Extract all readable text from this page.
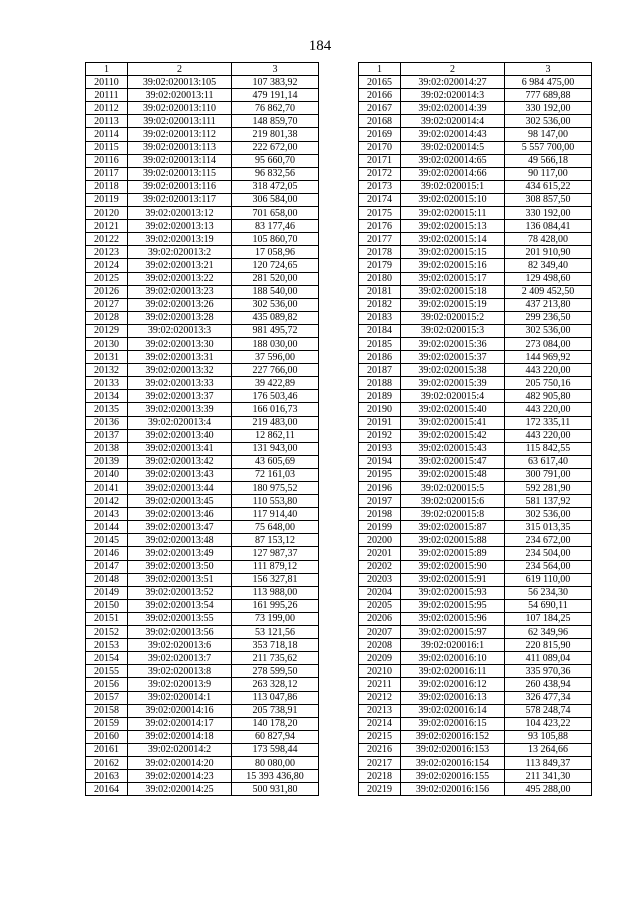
184
1	2	3
20110	39:02:020013:105	107 383,92
20111	39:02:020013:11	479 191,14
20112	39:02:020013:110	76 862,70
20113	39:02:020013:111	148 859,70
20114	39:02:020013:112	219 801,38
20115	39:02:020013:113	222 672,00
20116	39:02:020013:114	95 660,70
20117	39:02:020013:115	96 832,56
20118	39:02:020013:116	318 472,05
20119	39:02:020013:117	306 584,00
20120	39:02:020013:12	701 658,00
20121	39:02:020013:13	83 177,46
20122	39:02:020013:19	105 860,70
20123	39:02:020013:2	17 058,96
20124	39:02:020013:21	120 724,65
20125	39:02:020013:22	281 520,00
20126	39:02:020013:23	188 540,00
20127	39:02:020013:26	302 536,00
20128	39:02:020013:28	435 089,82
20129	39:02:020013:3	981 495,72
20130	39:02:020013:30	188 030,00
20131	39:02:020013:31	37 596,00
20132	39:02:020013:32	227 766,00
20133	39:02:020013:33	39 422,89
20134	39:02:020013:37	176 503,46
20135	39:02:020013:39	166 016,73
20136	39:02:020013:4	219 483,00
20137	39:02:020013:40	12 862,11
20138	39:02:020013:41	131 943,00
20139	39:02:020013:42	43 605,69
20140	39:02:020013:43	72 161,03
20141	39:02:020013:44	180 975,52
20142	39:02:020013:45	110 553,80
20143	39:02:020013:46	117 914,40
20144	39:02:020013:47	75 648,00
20145	39:02:020013:48	87 153,12
20146	39:02:020013:49	127 987,37
20147	39:02:020013:50	111 879,12
20148	39:02:020013:51	156 327,81
20149	39:02:020013:52	113 988,00
20150	39:02:020013:54	161 995,26
20151	39:02:020013:55	73 199,00
20152	39:02:020013:56	53 121,56
20153	39:02:020013:6	353 718,18
20154	39:02:020013:7	211 735,62
20155	39:02:020013:8	278 599,50
20156	39:02:020013:9	263 328,12
20157	39:02:020014:1	113 047,86
20158	39:02:020014:16	205 738,91
20159	39:02:020014:17	140 178,20
20160	39:02:020014:18	60 827,94
20161	39:02:020014:2	173 598,44
20162	39:02:020014:20	80 080,00
20163	39:02:020014:23	15 393 436,80
20164	39:02:020014:25	500 931,80
1	2	3
20165	39:02:020014:27	6 984 475,00
20166	39:02:020014:3	777 689,88
20167	39:02:020014:39	330 192,00
20168	39:02:020014:4	302 536,00
20169	39:02:020014:43	98 147,00
20170	39:02:020014:5	5 557 700,00
20171	39:02:020014:65	49 566,18
20172	39:02:020014:66	90 117,00
20173	39:02:020015:1	434 615,22
20174	39:02:020015:10	308 857,50
20175	39:02:020015:11	330 192,00
20176	39:02:020015:13	136 084,41
20177	39:02:020015:14	78 428,00
20178	39:02:020015:15	201 910,90
20179	39:02:020015:16	82 349,40
20180	39:02:020015:17	129 498,60
20181	39:02:020015:18	2 409 452,50
20182	39:02:020015:19	437 213,80
20183	39:02:020015:2	299 236,50
20184	39:02:020015:3	302 536,00
20185	39:02:020015:36	273 084,00
20186	39:02:020015:37	144 969,92
20187	39:02:020015:38	443 220,00
20188	39:02:020015:39	205 750,16
20189	39:02:020015:4	482 905,80
20190	39:02:020015:40	443 220,00
20191	39:02:020015:41	172 335,11
20192	39:02:020015:42	443 220,00
20193	39:02:020015:43	115 842,55
20194	39:02:020015:47	63 617,40
20195	39:02:020015:48	300 791,00
20196	39:02:020015:5	592 281,90
20197	39:02:020015:6	581 137,92
20198	39:02:020015:8	302 536,00
20199	39:02:020015:87	315 013,35
20200	39:02:020015:88	234 672,00
20201	39:02:020015:89	234 504,00
20202	39:02:020015:90	234 564,00
20203	39:02:020015:91	619 110,00
20204	39:02:020015:93	56 234,30
20205	39:02:020015:95	54 690,11
20206	39:02:020015:96	107 184,25
20207	39:02:020015:97	62 349,96
20208	39:02:020016:1	220 815,90
20209	39:02:020016:10	411 089,04
20210	39:02:020016:11	335 970,36
20211	39:02:020016:12	260 438,94
20212	39:02:020016:13	326 477,34
20213	39:02:020016:14	578 248,74
20214	39:02:020016:15	104 423,22
20215	39:02:020016:152	93 105,88
20216	39:02:020016:153	13 264,66
20217	39:02:020016:154	113 849,37
20218	39:02:020016:155	211 341,30
20219	39:02:020016:156	495 288,00
